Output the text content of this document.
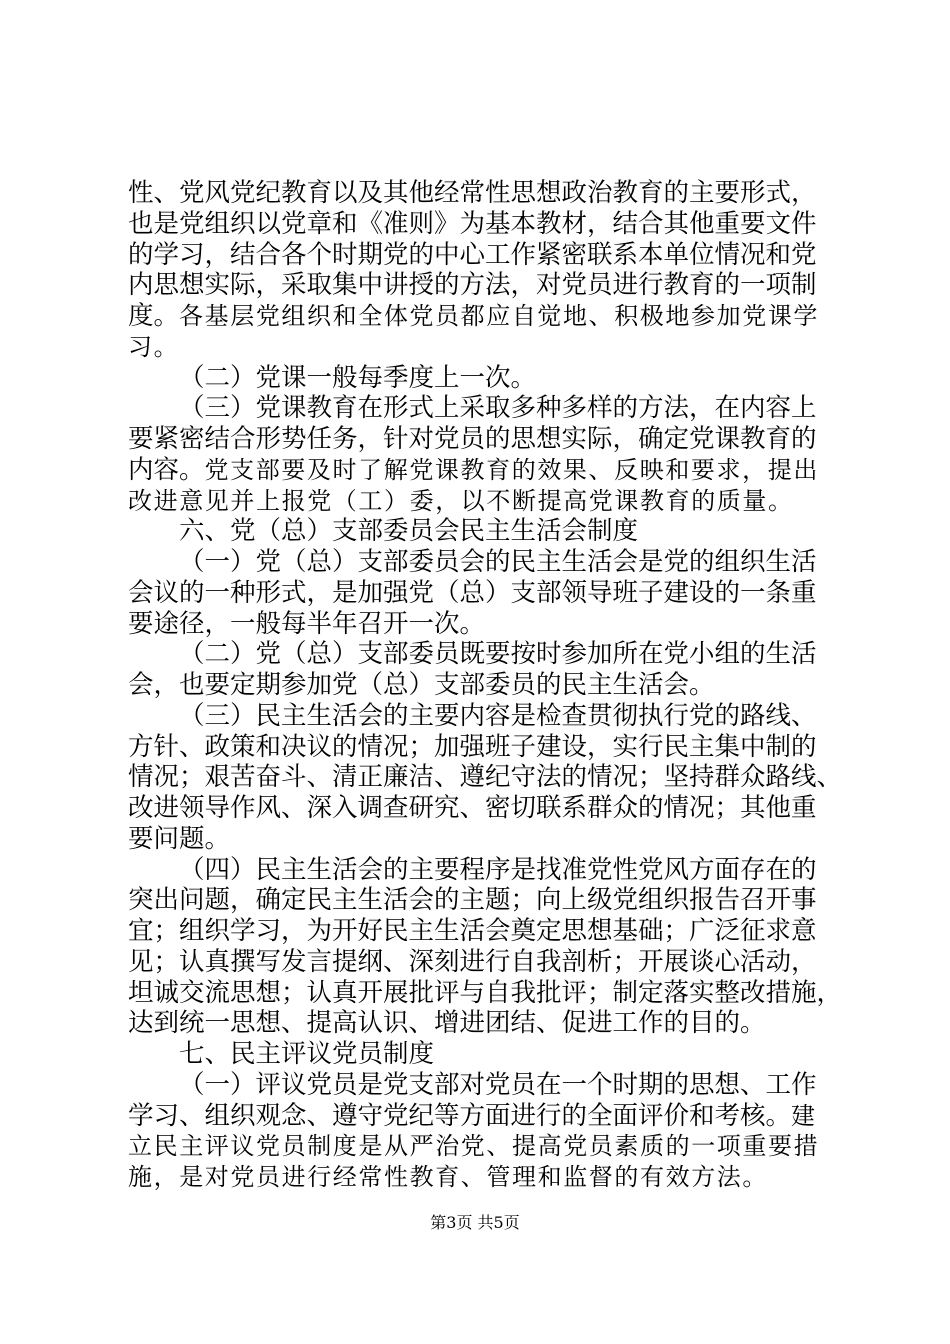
性、党风党纪教育以及其他经常性思想政治教育的主要形式，
也是党组织以党章和《准则》为基本教材，结合其他重要文件
的学习，结合各个时期党的中心工作紧密联系本单位情况和党
内思想实际，采取集中讲授的方法，对党员进行教育的一项制
度。各基层党组织和全体党员都应自觉地、积极地参加党课学
习。
（二）党课一般每季度上一次。
（三）党课教育在形式上采取多种多样的方法，在内容上
要紧密结合形势任务，针对党员的思想实际，确定党课教育的
内容。党支部要及时了解党课教育的效果、反映和要求，提出
改进意见并上报党（工）委，以不断提高党课教育的质量。
六、党（总）支部委员会民主生活会制度
（一）党（总）支部委员会的民主生活会是党的组织生活
会议的一种形式，是加强党（总）支部领导班子建设的一条重
要途径，一般每半年召开一次。
（二）党（总）支部委员既要按时参加所在党小组的生活
会，也要定期参加党（总）支部委员的民主生活会。
（三）民主生活会的主要内容是检查贯彻执行党的路线、
方针、政策和决议的情况；加强班子建设，实行民主集中制的
情况；艰苦奋斗、清正廉洁、遵纪守法的情况；坚持群众路线、
改进领导作风、深入调查研究、密切联系群众的情况；其他重
要问题。
（四）民主生活会的主要程序是找准党性党风方面存在的
突出问题，确定民主生活会的主题；向上级党组织报告召开事
宜；组织学习，为开好民主生活会奠定思想基础；广泛征求意
见；认真撰写发言提纲、深刻进行自我剖析；开展谈心活动，
坦诚交流思想；认真开展批评与自我批评；制定落实整改措施，
达到统一思想、提高认识、增进团结、促进工作的目的。
七、民主评议党员制度
（一）评议党员是党支部对党员在一个时期的思想、工作
学习、组织观念、遵守党纪等方面进行的全面评价和考核。建
立民主评议党员制度是从严治党、提高党员素质的一项重要措
施，是对党员进行经常性教育、管理和监督的有效方法。
第3页 共5页
